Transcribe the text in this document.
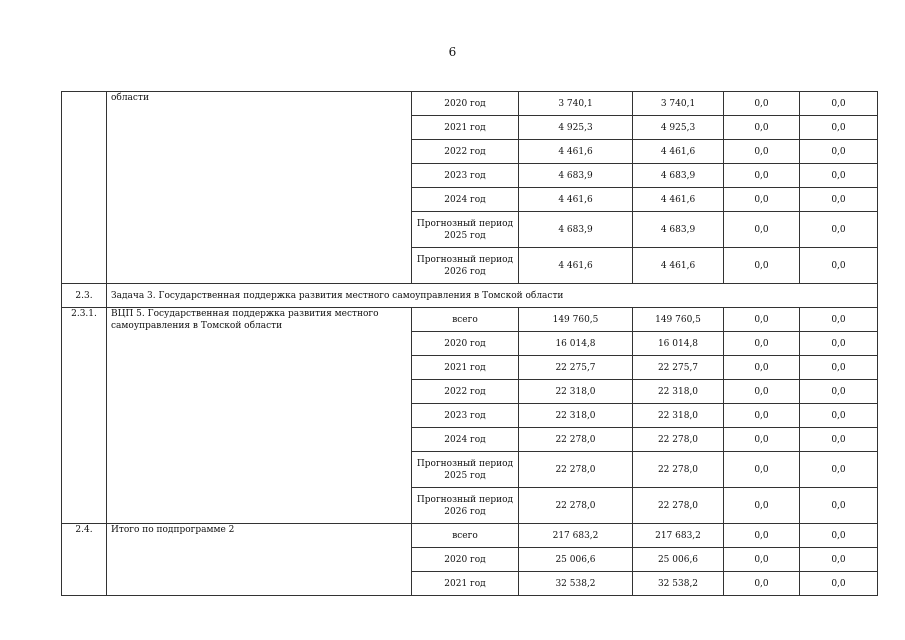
6
	области	2020 год	3 740,1	3 740,1	0,0	0,0
		2021 год	4 925,3	4 925,3	0,0	0,0
		2022 год	4 461,6	4 461,6	0,0	0,0
		2023 год	4 683,9	4 683,9	0,0	0,0
		2024 год	4 461,6	4 461,6	0,0	0,0
		Прогнозный период 2025 год	4 683,9	4 683,9	0,0	0,0
		Прогнозный период 2026 год	4 461,6	4 461,6	0,0	0,0
2.3.	Задача 3. Государственная поддержка развития местного самоуправления в Томской области					
2.3.1.	ВЦП 5. Государственная поддержка развития местного самоуправления в Томской области	всего	149 760,5	149 760,5	0,0	0,0
		2020 год	16 014,8	16 014,8	0,0	0,0
		2021 год	22 275,7	22 275,7	0,0	0,0
		2022 год	22 318,0	22 318,0	0,0	0,0
		2023 год	22 318,0	22 318,0	0,0	0,0
		2024 год	22 278,0	22 278,0	0,0	0,0
		Прогнозный период 2025 год	22 278,0	22 278,0	0,0	0,0
		Прогнозный период 2026 год	22 278,0	22 278,0	0,0	0,0
2.4.	Итого по подпрограмме 2	всего	217 683,2	217 683,2	0,0	0,0
		2020 год	25 006,6	25 006,6	0,0	0,0
		2021 год	32 538,2	32 538,2	0,0	0,0
